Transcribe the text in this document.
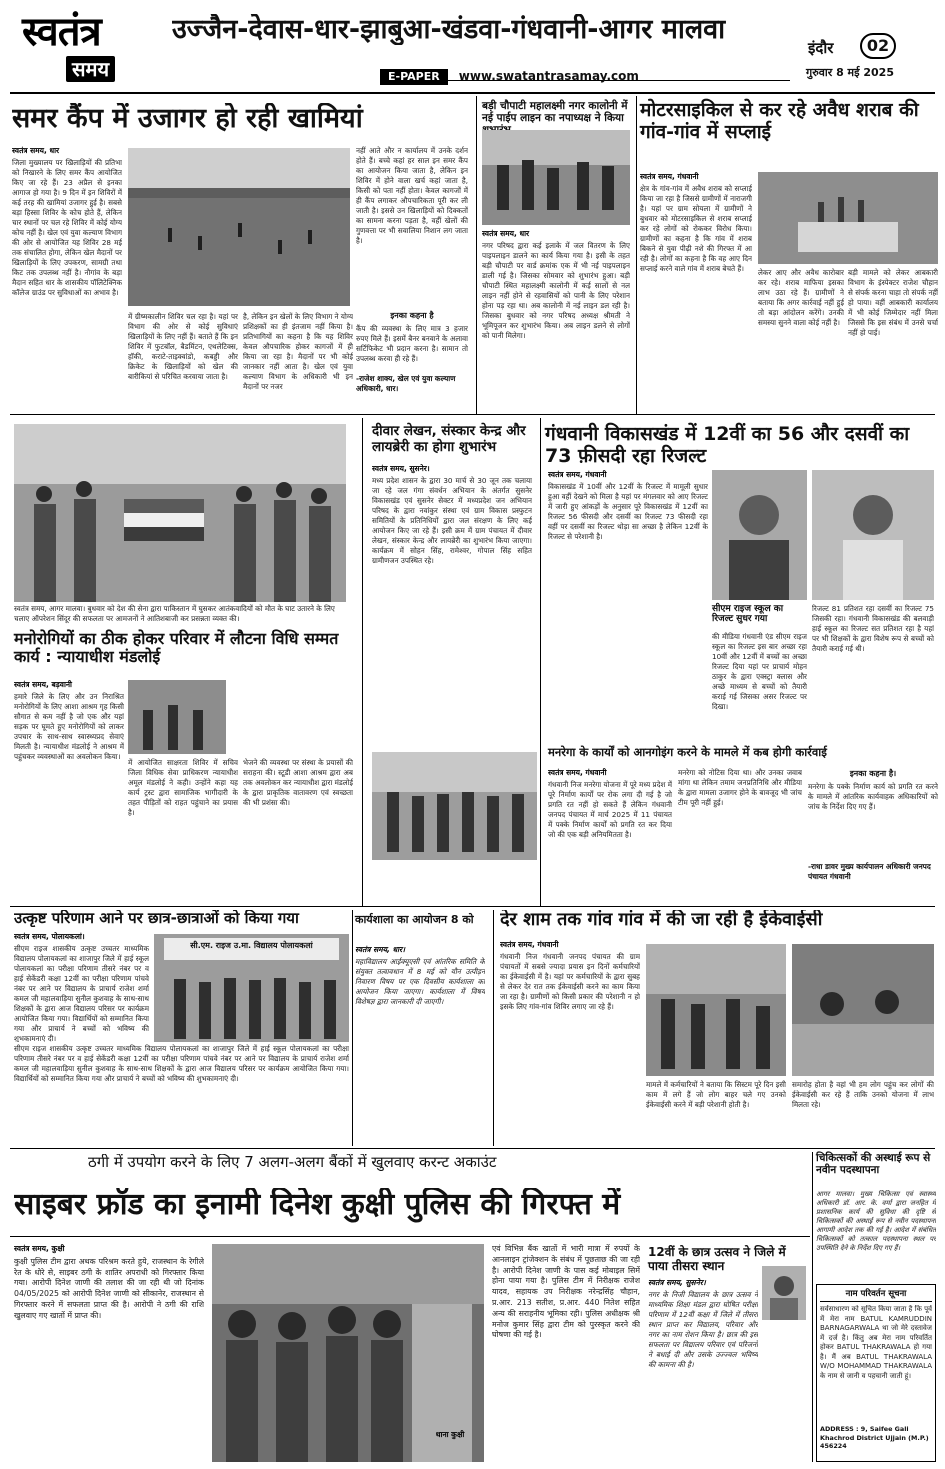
स्वतंत्र
समय
उज्जैन-देवास-धार-झाबुआ-खंडवा-गंधवानी-आगर मालवा
E-PAPER www.swatantrasamay.com
इंदौर	02
गुरुवार 8 मई 2025
समर कैंप में उजागर हो रही खामियां
स्वतंत्र समय, धार
जिला मुख्यालय पर खिलाड़ियों की प्रतिभा को निखारने के लिए समर कैंप आयोजित किए जा रहे हैं। 23 अप्रैल से इनका आगाज हो गया है। 9 दिन में इन शिविरों में कई तरह की खामियां उजागर हुई है। सबसे बड़ा हिस्सा शिविर के कोच होते हैं, लेकिन चार स्थानों पर चल रहे शिविर में कोई योग्य कोच नहीं है। खेल एवं युवा कल्याण विभाग की ओर से आयोजित यह शिविर 28 मई तक संचालित होगा, लेकिन खेल मैदानों पर खिलाड़ियों के लिए उपकरण, सामग्री तथा किट तक उपलब्ध नहीं है। नौगांव के बड़ा मैदान सहित धार के शासकीय पॉलिटेक्निक कॉलेज ग्राउंड पर सुविधाओं का अभाव है।
नहीं आते और न कार्यालय में उनके दर्शन होते हैं। बच्चे कहां हर साल इन समर कैंप का आयोजन किया जाता है, लेकिन इन शिविर में होने वाला खर्च कहां जाता है, किसी को पता नहीं होता। केवल कागजों में ही कैंप लगाकर औपचारिकता पूरी कर ली जाती है। इससे उन खिलाड़ियों को दिक्कतों का सामना करना पड़ता है, वहीं खेलों की गुणवत्ता पर भी सवालिया निशान लग जाता है।
में ग्रीष्मकालीन शिविर चल रहा है। यहां पर विभाग की ओर से कोई सुविधाएं खिलाड़ियों के लिए नहीं हैं। बताते हैं कि इन शिविर में फुटबॉल, बैडमिंटन, एथलेटिक्स, हॉकी, कराटे-ताइक्वांडो, कबड्डी और क्रिकेट के खिलाड़ियों को खेल की बारीकियां से परिचित करवाया जाता है।
है, लेकिन इन खेलों के लिए विभाग ने योग्य प्रशिक्षकों का ही इंतजाम नहीं किया है। प्रतिभागियों का कहना है कि यह शिविर केवल औपचारिक होकर कागजों में ही किया जा रहा है। मैदानों पर भी कोई जानकार नहीं आता है। खेल एवं युवा कल्याण विभाग के अधिकारी भी इन मैदानों पर नजर
इनका कहना है
कैंप की व्यवस्था के लिए मात्र 3 हजार रुपए मिले हैं। इसमें बैनर बनवाने के अलावा सर्टिफिकेट भी प्रदान करना है। सामान तो उपलब्ध करवा ही रहे हैं।
-राजेश शाक्य, खेल एवं युवा कल्याण अधिकारी, धार।
बड़ी चौपाटी महालक्ष्मी नगर कालोनी में नई पाईप लाइन का नपाध्यक्ष ने किया
स्वतंत्र समय, धार
नगर परिषद द्वारा कई इलाके में जल वितरण के लिए पाइपलाइन डालने का कार्य किया गया है। इसी के तहत बड़ी चौपाटी पर वार्ड क्रमांक एक में भी नई पाइपलाइन डाली गई है। जिसका सोमवार को शुभारंभ हुआ। बड़ी चौपाटी स्थित महालक्ष्मी कालोनी में कई सालों से नल लाइन नहीं होने से रहवासियों को पानी के लिए परेशान होना पड़ रहा था। अब कालोनी में नई लाइन डल रही है। जिसका बुधवार को नगर परिषद अध्यक्ष श्रीमती ने भूमिपूजन कर शुभारंभ किया। अब लाइन डलने से लोगों को पानी मिलेगा।
मोटरसाइकिल से कर रहे अवैध शराब की गांव-गांव में सप्लाई
स्वतंत्र समय, गंधवानी
क्षेत्र के गांव-गांव में अवैध शराब को सप्लाई किया जा रहा है जिससे ग्रामीणों में नाराजगी है। यहां पर ग्राम सोयला में ग्रामीणों ने बुधवार को मोटरसाइकिल से शराब सप्लाई कर रहे लोगों को रोककर विरोध किया। ग्रामीणों का कहना है कि गांव में शराब बिकने से युवा पीढ़ी नशे की गिरफ्त में आ रही है। लोगों का कहना है कि वह आए दिन सप्लाई करने वाले गांव में शराब बेचते हैं।	लेकर आए और अवैध कारोबार कर रहे। शराब माफिया इसका लाभ उठा रहे हैं। ग्रामीणों ने बताया कि अगर कार्रवाई नहीं हुई तो बड़ा आंदोलन करेंगे। उनकी समस्या सुनने वाला कोई नहीं है।
बड़ी मामले को लेकर आबकारी विभाग के इंस्पेक्टर राजेश चौहान से संपर्क करना चाहा तो संपर्क नहीं हो पाया। वहीं आबकारी कार्यालय में भी कोई जिम्मेदार नहीं मिला जिससे कि इस संबंध में उनसे चर्चा नहीं हो पाई।
स्वतंत्र समय, आगर मालवा। बुधवार को देश की सेना द्वारा पाकिस्तान में घुसकर आतंकवादियों को मौत के घाट उतारने के लिए चलाए ऑपरेशन सिंदूर की सफलता पर आमजनों ने आतिशबाजी कर प्रसन्नता व्यक्त की।
दीवार लेखन, संस्कार केन्द्र और लायब्रेरी का होगा शुभारंभ
स्वतंत्र समय, सुसनेर।
मध्य प्रदेश शासन के द्वारा 30 मार्च से 30 जून तक चलाया जा रहे जल गंगा संवर्धन अभियान के अंतर्गत सुसनेर विकासखंड एवं सुसनेर सेक्टर में मध्यप्रदेश जन अभियान परिषद के द्वारा नवांकुर संस्था एवं ग्राम विकास प्रस्फुटन समितियों के प्रतिनिधियों द्वारा जल संरक्षण के लिए कई आयोजन किए जा रहे हैं। इसी क्रम में ग्राम पंचायत में दीवार लेखन, संस्कार केन्द्र और लायब्रेरी का शुभारंभ किया जाएगा। कार्यक्रम में सोहन सिंह, रामेश्वर, गोपाल सिंह सहित ग्रामीणजन उपस्थित रहे।
गंधवानी विकासखंड में 12वीं का 56 और दसवीं का 73 फ़ीसदी रहा रिजल्ट
स्वतंत्र समय, गंधवानी
विकासखंड में 10वीं और 12वीं के रिजल्ट में मामूली सुधार हुआ वहीं देखने को मिला है यहां पर मंगलवार को आए रिजल्ट में जारी हुए आंकड़ों के अनुसार पूरे विकासखंड में 12वीं का रिजल्ट 56 फीसदी और दसवीं का रिजल्ट 73 फीसदी रहा वहीं पर दसवीं का रिजल्ट थोड़ा सा अच्छा है लेकिन 12वीं के रिजल्ट से परेशानी है।
सीएम राइज स्कूल का रिजल्ट सुधर गया
की मीडिया गंधवानी एंड सीएम राइज स्कूल का रिजल्ट इस बार अच्छा रहा 10वीं और 12वीं में बच्चों का अच्छा रिजल्ट दिया यहां पर प्राचार्य मोहन ठाकुर के द्वारा एक्स्ट्रा क्लास और अच्छे माध्यम से बच्चों को तैयारी कराई गई जिसका असर रिजल्ट पर दिखा।
रिजल्ट 81 प्रतिशत रहा दसवीं का रिजल्ट 75 जिसकी रहा। गंधवानी विकासखंड की बलवाड़ी हाई स्कूल का रिजल्ट सत प्रतिशत रहा है यहां पर भी शिक्षकों के द्वारा विशेष रूप से बच्चों को तैयारी कराई गई थी।
मनोरोगियों का ठीक होकर परिवार में लौटना विधि सम्मत कार्य : न्यायाधीश मंडलोई
स्वतंत्र समय, बड़वानी
हमारे जिले के लिए और उन निराश्रित मनोरोगियों के लिए आशा आश्रम गृह किसी सौगात से कम नहीं है जो एक और यहां सड़क पर घूमते हुए मनोरोगियों को लाकर उपचार के साथ-साथ स्वास्थ्यप्रद सेवाएं मिलती है। न्यायाधीश मंडलोई ने आश्रम में पहुंचकर व्यवस्थाओं का अवलोकन किया।
में आयोजित साक्षरता शिविर में सचिव जिला विधिक सेवा प्राधिकरण न्यायाधीश अमूल मंडलोई ने कही। उन्होंने कहा यह कार्य ट्रस्ट द्वारा सामाजिक भागीदारी के तहत पीड़ितों को राहत पहुंचाने का प्रयास है।
भेजने की व्यवस्था पर संस्था के प्रयासों की सराहना की। स्टूडी आशा आश्रम द्वारा अब तक अवलोकन कर न्यायाधीश द्वारा मंडलोई के द्वारा प्राकृतिक वातावरण एवं स्वच्छता की भी प्रशंसा की।
मनरेगा के कार्यों को आनगोइंग करने के मामले में कब होगी कार्रवाई
स्वतंत्र समय, गंधवानी
गंधवानी निज मनरेगा योजना में पूरे मध्य प्रदेश में पूरे निर्माण कार्यों पर रोक लगा दी गई है जो प्रगति रत नहीं हो सकते हैं लेकिन गंधवानी जनपद पंचायत में मार्च 2025 में 11 पंचायत में पक्के निर्माण कार्यों को प्रगति रत कर दिया जो की एक बड़ी अनियमितता है।
मनरेगा को नोटिस दिया था। और उनका जवाब मांगा था लेकिन तमाम जनप्रतिनिधि और मीडिया के द्वारा मामला उजागर होने के बावजूद भी जांच टीम पूरी नहीं हुई।
इनका कहना है।
मनरेगा के पक्के निर्माण कार्य को प्रगति रत करने के मामले में आंतरिक कार्यवाहक अधिकारियों को जांच के निर्देश दिए गए हैं।
-राधा डावर मुख्य कार्यपालन अधिकारी जनपद पंचायत गंधवानी
उत्कृष्ट परिणाम आने पर छात्र-छात्राओं को किया गया
स्वतंत्र समय, पोलायकलां।
सीएम राइज शासकीय उत्कृष्ट उच्चतर माध्यमिक विद्यालय पोलायकलां का शाजापुर जिले में हाई स्कूल पोलायकलां का परीक्षा परिणाम तीसरे नंबर पर व हाई सेकेंडरी कक्षा 12वीं का परीक्षा परिणाम पांचवे नंबर पर आने पर विद्यालय के प्राचार्य राजेश शर्मा कमल जी महालवाड़िया सुनील कुशवाह के साथ-साथ शिक्षकों के द्वारा आज विद्यालय परिसर पर कार्यक्रम आयोजित किया गया। विद्यार्थियों को सम्मानित किया गया और प्राचार्य ने बच्चों को भविष्य की शुभकामनाएं दी।
सी.एम. राइज उ.मा. विद्यालय पोलायकलां
सीएम राइज शासकीय उत्कृष्ट उच्चतर माध्यमिक विद्यालय पोलायकलां का शाजापुर जिले में हाई स्कूल पोलायकलां का परीक्षा परिणाम तीसरे नंबर पर व हाई सेकेंडरी कक्षा 12वीं का परीक्षा परिणाम पांचवे नंबर पर आने पर विद्यालय के प्राचार्य राजेश शर्मा कमल जी महालवाड़िया सुनील कुशवाह के साथ-साथ शिक्षकों के द्वारा आज विद्यालय परिसर पर कार्यक्रम आयोजित किया गया। विद्यार्थियों को सम्मानित किया गया और प्राचार्य ने बच्चों को भविष्य की शुभकामनाएं दी।
कार्यशाला का आयोजन 8 को
स्वतंत्र समय, धार।
महाविद्यालय आईक्यूएसी एवं आंतरिक समिति के संयुक्त तत्वावधान में 8 मई को यौन उत्पीड़न निवारण विषय पर एक दिवसीय कार्यशाला का आयोजन किया जाएगा। कार्यशाला में विषय विशेषज्ञ द्वारा जानकारी दी जाएगी।
देर शाम तक गांव गांव में की जा रही है ईकेवाईसी
स्वतंत्र समय, गंधवानी
गंधवानी निज गंधवानी जनपद पंचायत की ग्राम पंचायतों में सबसे ज्यादा प्रयास इन दिनों कर्मचारियों का ईकेवाईसी में है। यहां पर कर्मचारियों के द्वारा सुबह से लेकर देर रात तक ईकेवाईसी करने का काम किया जा रहा है। ग्रामीणों को किसी प्रकार की परेशानी न हो इसके लिए गांव-गांव शिविर लगाए जा रहे हैं।
मामले में कर्मचारियों ने बताया कि सिस्टम पूरे दिन इसी काम में लगे हैं जो लोग बाहर चले गए उनको ईकेवाईसी करने में बड़ी परेशानी होती है।
समारोह होता है वहां भी हम लोग पहुंच कर लोगों की ईकेवाईसी कर रहे हैं ताकि उनको योजना में लाभ मिलता रहे।
ठगी में उपयोग करने के लिए 7 अलग-अलग बैंकों में खुलवाए करन्ट अकाउंट
साइबर फ्रॉड का इनामी दिनेश कुक्षी पुलिस की गिरफ्त में
स्वतंत्र समय, कुक्षी
कुक्षी पुलिस टीम द्वारा अथक परिश्रम करते हुये, राजस्थान के रेगीले रेत के धोरे से, साइबर ठगी के शातिर अपराधी को गिरफ्तार किया गया। आरोपी दिनेश जाणी की तलाश की जा रही थी जो दिनांक 04/05/2025 को आरोपी दिनेश जाणी को सीकानेर, राजस्थान से गिरफ्तार करने में सफलता प्राप्त की है। आरोपी ने ठगी की राशि खुलवाए गए खातों में प्राप्त की।
थाना कुक्षी
एवं विभिन्न बैंक खातों में भारी मात्रा में रुपयों के आनलाइन ट्रांजेक्शन के संबंध में पूछताछ की जा रही है। आरोपी दिनेश जाणी के पास कई मोबाइल सिमें होना पाया गया है। पुलिस टीम में निरीक्षक राजेश यादव, सहायक उप निरीक्षक नरेन्द्रसिंह चौहान, प्र.आर. 213 सतीश, प्र.आर. 440 नितेश सहित अन्य की सराहनीय भूमिका रही। पुलिस अधीक्षक श्री मनोज कुमार सिंह द्वारा टीम को पुरस्कृत करने की घोषणा की गई है।
12वीं के छात्र उत्सव ने जिले में पाया तीसरा स्थान
स्वतंत्र समय, सुसनेर।
नगर के निजी विद्यालय के छात्र उत्सव ने माध्यमिक शिक्षा मंडल द्वारा घोषित परीक्षा परिणाम में 12वीं कक्षा में जिले में तीसरा स्थान प्राप्त कर विद्यालय, परिवार और नगर का नाम रोशन किया है। छात्र की इस सफलता पर विद्यालय परिवार एवं परिजनों ने बधाई दी और उसके उज्ज्वल भविष्य की कामना की है।
चिकित्सकों की अस्थाई रूप से नवीन पदस्थापना
आगर मालवा। मुख्य चिकित्सा एवं स्वास्थ्य अधिकारी डॉ. आर. के. वर्मा द्वारा जनहित में प्रशासनिक कार्य की सुविधा की दृष्टि से चिकित्सकों की अस्थाई रूप से नवीन पदस्थापना आगामी आदेश तक की गई है। आदेश में संबंधित चिकित्सकों को तत्काल पदस्थापना स्थल पर उपस्थिति देने के निर्देश दिए गए हैं।
नाम परिवर्तन सूचना
सर्वसाधारण को सूचित किया जाता है कि पूर्व में मेरा नाम BATUL KAMRUDDIN BARNAGARWALA था जो मेरे दस्तावेज में दर्ज है। किंतु अब मेरा नाम परिवर्तित होकर BATUL THAKRAWALA हो गया है। मैं अब BATUL THAKRAWALA W/O MOHAMMAD THAKRAWALA के नाम से जानी व पहचानी जाती हूं।
ADDRESS : 9, Saifee Gali Khachrod District Ujjain (M.P.) 456224
